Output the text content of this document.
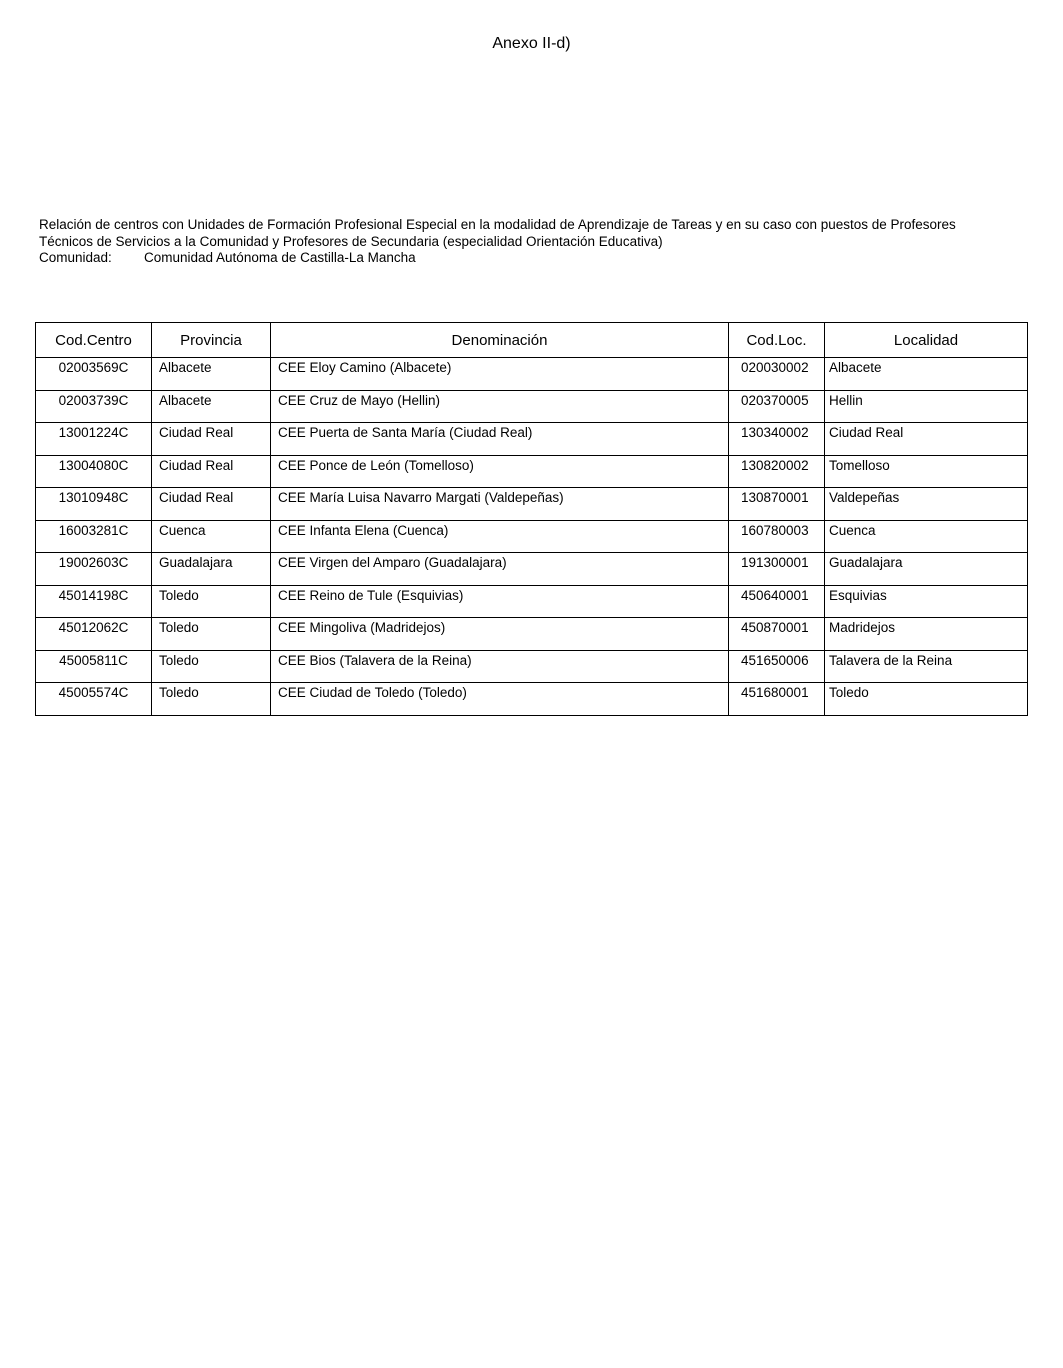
Anexo II-d)
Relación de centros con Unidades de Formación Profesional Especial en la modalidad de Aprendizaje de Tareas y en su caso con puestos de Profesores
Técnicos de Servicios a la Comunidad y Profesores de Secundaria (especialidad Orientación Educativa)
Comunidad: Comunidad Autónoma de Castilla-La Mancha
Cod.Centro	Provincia	Denominación	Cod.Loc.	Localidad
02003569C	Albacete	CEE Eloy Camino (Albacete)	020030002	Albacete
02003739C	Albacete	CEE Cruz de Mayo (Hellin)	020370005	Hellin
13001224C	Ciudad Real	CEE Puerta de Santa María (Ciudad Real)	130340002	Ciudad Real
13004080C	Ciudad Real	CEE Ponce de León (Tomelloso)	130820002	Tomelloso
13010948C	Ciudad Real	CEE María Luisa Navarro Margati (Valdepeñas)	130870001	Valdepeñas
16003281C	Cuenca	CEE Infanta Elena (Cuenca)	160780003	Cuenca
19002603C	Guadalajara	CEE Virgen del Amparo (Guadalajara)	191300001	Guadalajara
45014198C	Toledo	CEE Reino de Tule (Esquivias)	450640001	Esquivias
45012062C	Toledo	CEE Mingoliva (Madridejos)	450870001	Madridejos
45005811C	Toledo	CEE Bios (Talavera de la Reina)	451650006	Talavera de la Reina
45005574C	Toledo	CEE Ciudad de Toledo (Toledo)	451680001	Toledo
